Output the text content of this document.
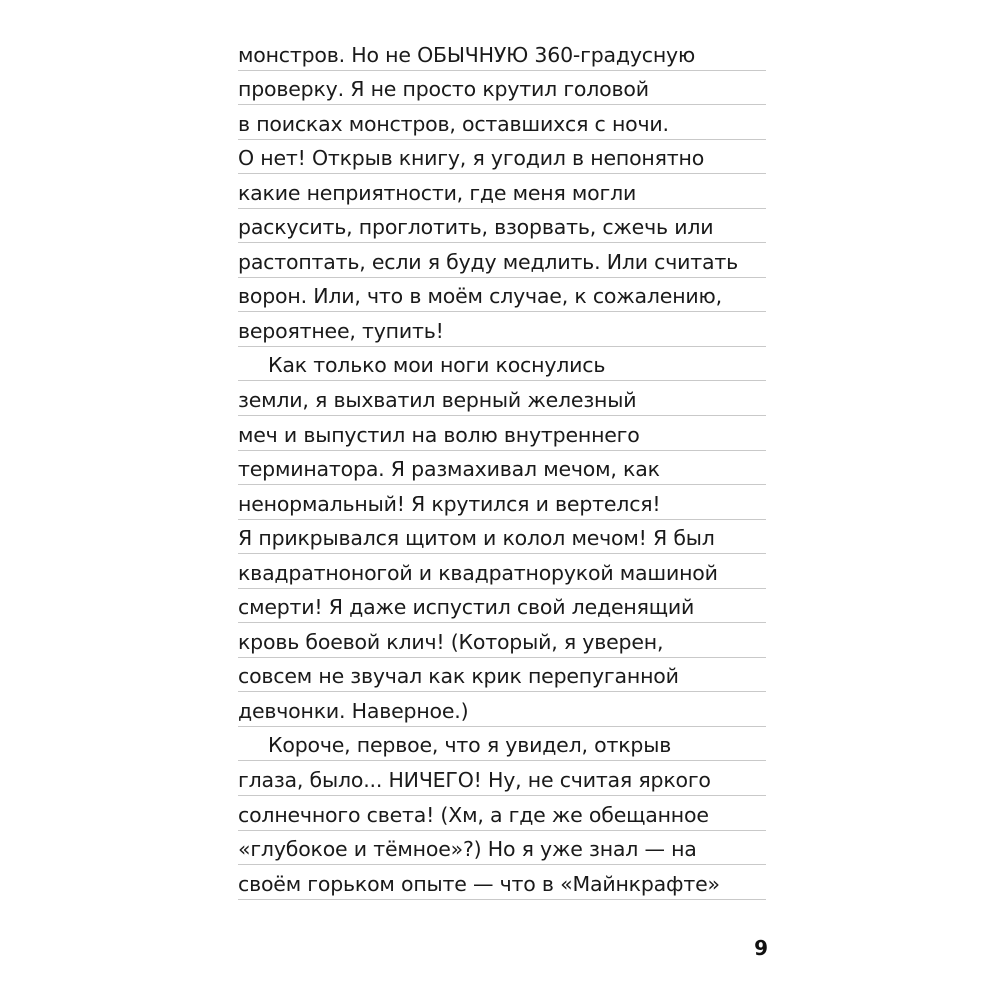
монстров. Но не ОБЫЧНУЮ 360-градусную
проверку. Я не просто крутил головой
в поисках монстров, оставшихся с ночи.
О нет! Открыв книгу, я угодил в непонятно
какие неприятности, где меня могли
раскусить, проглотить, взорвать, сжечь или
растоптать, если я буду медлить. Или считать
ворон. Или, что в моём случае, к сожалению,
вероятнее, тупить!
Как только мои ноги коснулись
земли, я выхватил верный железный
меч и выпустил на волю внутреннего
терминатора. Я размахивал мечом, как
ненормальный! Я крутился и вертелся!
Я прикрывался щитом и колол мечом! Я был
квадратноногой и квадратнорукой машиной
смерти! Я даже испустил свой леденящий
кровь боевой клич! (Который, я уверен,
совсем не звучал как крик перепуганной
девчонки. Наверное.)
Короче, первое, что я увидел, открыв
глаза, было... НИЧЕГО! Ну, не считая яркого
солнечного света! (Хм, а где же обещанное
«глубокое и тёмное»?) Но я уже знал — на
своём горьком опыте — что в «Майнкрафте»
9
